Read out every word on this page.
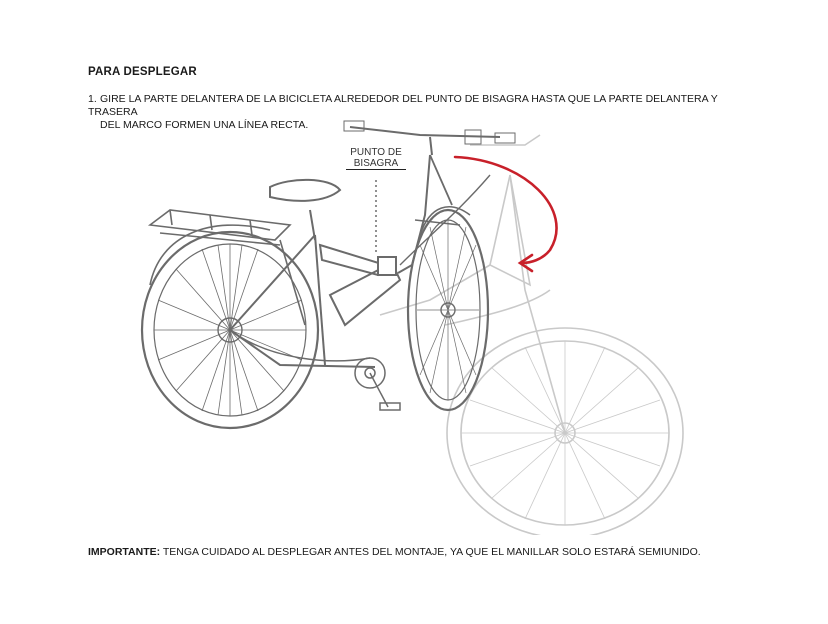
PARA DESPLEGAR
1. GIRE LA PARTE DELANTERA DE LA BICICLETA ALREDEDOR DEL PUNTO DE BISAGRA HASTA QUE LA PARTE DELANTERA Y TRASERA
DEL MARCO FORMEN UNA LÍNEA RECTA.
PUNTO DE
BISAGRA
IMPORTANTE: TENGA CUIDADO AL DESPLEGAR ANTES DEL MONTAJE, YA QUE EL MANILLAR SOLO ESTARÁ SEMIUNIDO.
